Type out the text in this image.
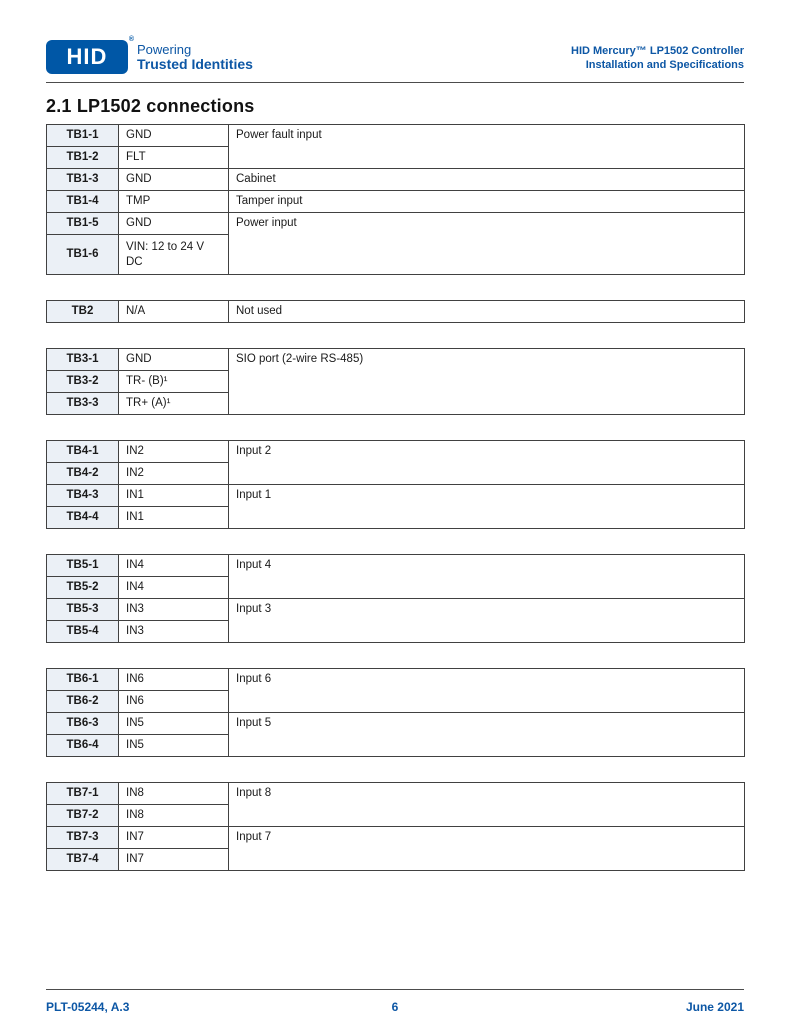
HID
®
Powering
Trusted Identities
HID Mercury™ LP1502 Controller
Installation and Specifications
2.1 LP1502 connections
TB1-1	GND	Power fault input
TB1-2	FLT	
TB1-3	GND	Cabinet
TB1-4	TMP	Tamper input
TB1-5	GND	Power input
TB1-6	VIN: 12 to 24 V DC	
TB2	N/A	Not used
TB3-1	GND	SIO port (2-wire RS-485)
TB3-2	TR- (B)¹	
TB3-3	TR+ (A)¹	
TB4-1	IN2	Input 2
TB4-2	IN2	
TB4-3	IN1	Input 1
TB4-4	IN1	
TB5-1	IN4	Input 4
TB5-2	IN4	
TB5-3	IN3	Input 3
TB5-4	IN3	
TB6-1	IN6	Input 6
TB6-2	IN6	
TB6-3	IN5	Input 5
TB6-4	IN5	
TB7-1	IN8	Input 8
TB7-2	IN8	
TB7-3	IN7	Input 7
TB7-4	IN7	
PLT-05244, A.3	6	June 2021
